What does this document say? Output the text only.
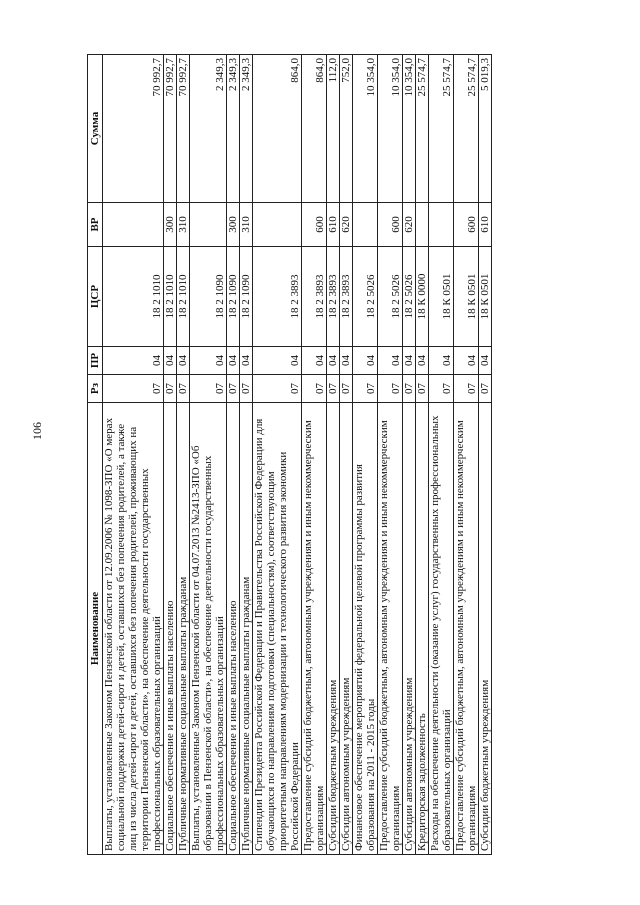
106
Наименование	Рз	ПР	ЦСР	ВР	Сумма
Выплаты, установленные Законом Пензенской области от 12.09.2006 № 1098-ЗПО «О мерах социальной поддержки детей-сирот и детей, оставшихся без попечения родителей, а также лиц из числа детей-сирот и детей, оставшихся без попечения родителей, проживающих на территории Пензенской области», на обеспечение деятельности государственных профессиональных образовательных организаций	07	04	18 2 1010		70 992,7
Социальное обеспечение и иные выплаты населению	07	04	18 2 1010	300	70 992,7
Публичные нормативные социальные выплаты гражданам	07	04	18 2 1010	310	70 992,7
Выплаты, установленные Законом Пензенской области от 04.07.2013 №2413-ЗПО «Об образовании в Пензенской области», на обеспечение деятельности государственных профессиональных образовательных организаций	07	04	18 2 1090		2 349,3
Социальное обеспечение и иные выплаты населению	07	04	18 2 1090	300	2 349,3
Публичные нормативные социальные выплаты гражданам	07	04	18 2 1090	310	2 349,3
Стипендии Президента Российской Федерации и Правительства Российской Федерации для обучающихся по направлениям подготовки (специальностям), соответствующим приоритетным направлениям модернизации и технологического развития экономики Российской Федерации	07	04	18 2 3893		864,0
Предоставление субсидий бюджетным, автономным учреждениям и иным некоммерческим организациям	07	04	18 2 3893	600	864,0
Субсидии бюджетным учреждениям	07	04	18 2 3893	610	112,0
Субсидии автономным учреждениям	07	04	18 2 3893	620	752,0
Финансовое обеспечение мероприятий федеральной целевой программы развития образования на 2011 - 2015 годы	07	04	18 2 5026		10 354,0
Предоставление субсидий бюджетным, автономным учреждениям и иным некоммерческим организациям	07	04	18 2 5026	600	10 354,0
Субсидии автономным учреждениям	07	04	18 2 5026	620	10 354,0
Кредиторская задолженность	07	04	18 К 0000		25 574,7
Расходы на обеспечение деятельности (оказание услуг) государственных профессиональных образовательных организаций	07	04	18 К 0501		25 574,7
Предоставление субсидий бюджетным, автономным учреждениям и иным некоммерческим организациям	07	04	18 К 0501	600	25 574,7
Субсидии бюджетным учреждениям	07	04	18 К 0501	610	5 019,3
